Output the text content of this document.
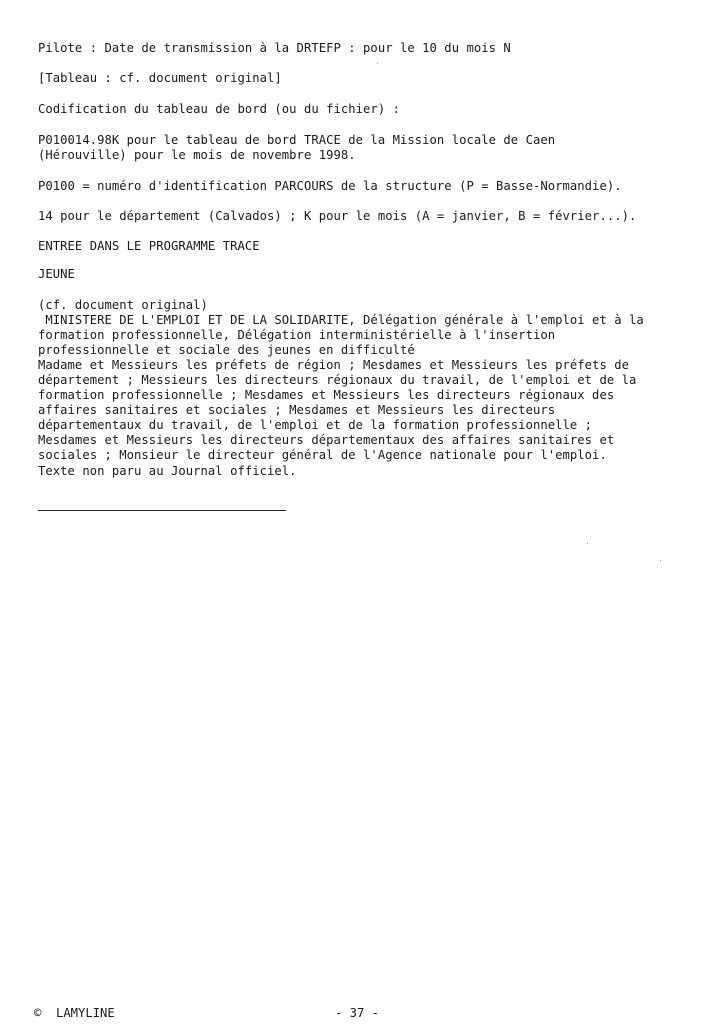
Pilote : Date de transmission à la DRTEFP : pour le 10 du mois N
[Tableau : cf. document original]
Codification du tableau de bord (ou du fichier) :
P010014.98K pour le tableau de bord TRACE de la Mission locale de Caen
(Hérouville) pour le mois de novembre 1998.
P0100 = numéro d'identification PARCOURS de la structure (P = Basse-Normandie).
14 pour le département (Calvados) ; K pour le mois (A = janvier, B = février...).
ENTREE DANS LE PROGRAMME TRACE
JEUNE
(cf. document original)
MINISTERE DE L'EMPLOI ET DE LA SOLIDARITE, Délégation générale à l'emploi et à la
formation professionnelle, Délégation interministérielle à l'insertion
professionnelle et sociale des jeunes en difficulté
Madame et Messieurs les préfets de région ; Mesdames et Messieurs les préfets de
département ; Messieurs les directeurs régionaux du travail, de l'emploi et de la
formation professionnelle ; Mesdames et Messieurs les directeurs régionaux des
affaires sanitaires et sociales ; Mesdames et Messieurs les directeurs
départementaux du travail, de l'emploi et de la formation professionnelle ;
Mesdames et Messieurs les directeurs départementaux des affaires sanitaires et
sociales ; Monsieur le directeur général de l'Agence nationale pour l'emploi.
Texte non paru au Journal officiel.
©  LAMYLINE	- 37 -
